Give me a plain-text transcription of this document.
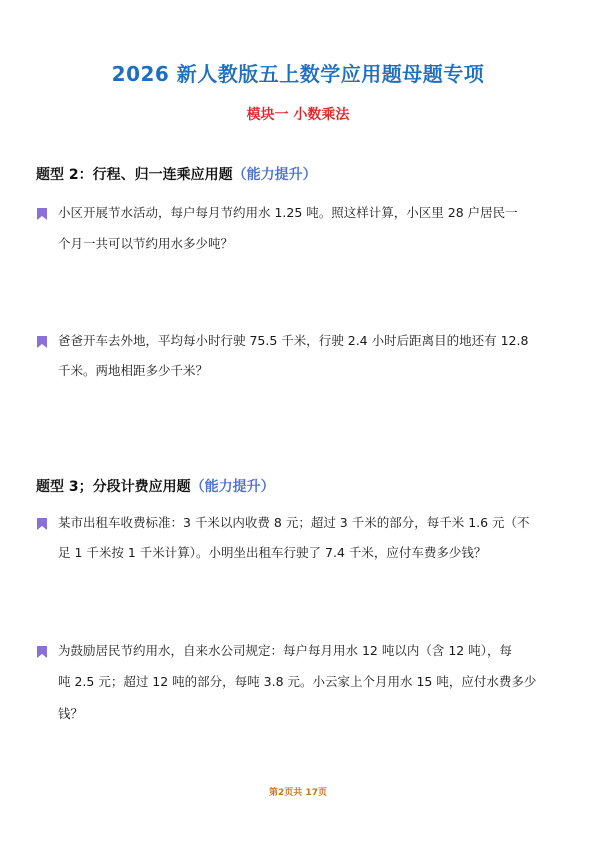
2026 新人教版五上数学应用题母题专项
模块一 小数乘法
题型 2：行程、归一连乘应用题（能力提升）
小区开展节水活动，每户每月节约用水 1.25 吨。照这样计算，小区里 28 户居民一
个月一共可以节约用水多少吨？
爸爸开车去外地，平均每小时行驶 75.5 千米，行驶 2.4 小时后距离目的地还有 12.8
千米。两地相距多少千米？
题型 3；分段计费应用题（能力提升）
某市出租车收费标准：3 千米以内收费 8 元；超过 3 千米的部分，每千米 1.6 元（不
足 1 千米按 1 千米计算）。小明坐出租车行驶了 7.4 千米，应付车费多少钱？
为鼓励居民节约用水，自来水公司规定：每户每月用水 12 吨以内（含 12 吨），每
吨 2.5 元；超过 12 吨的部分，每吨 3.8 元。小云家上个月用水 15 吨，应付水费多少
钱？
第2页共 17页
